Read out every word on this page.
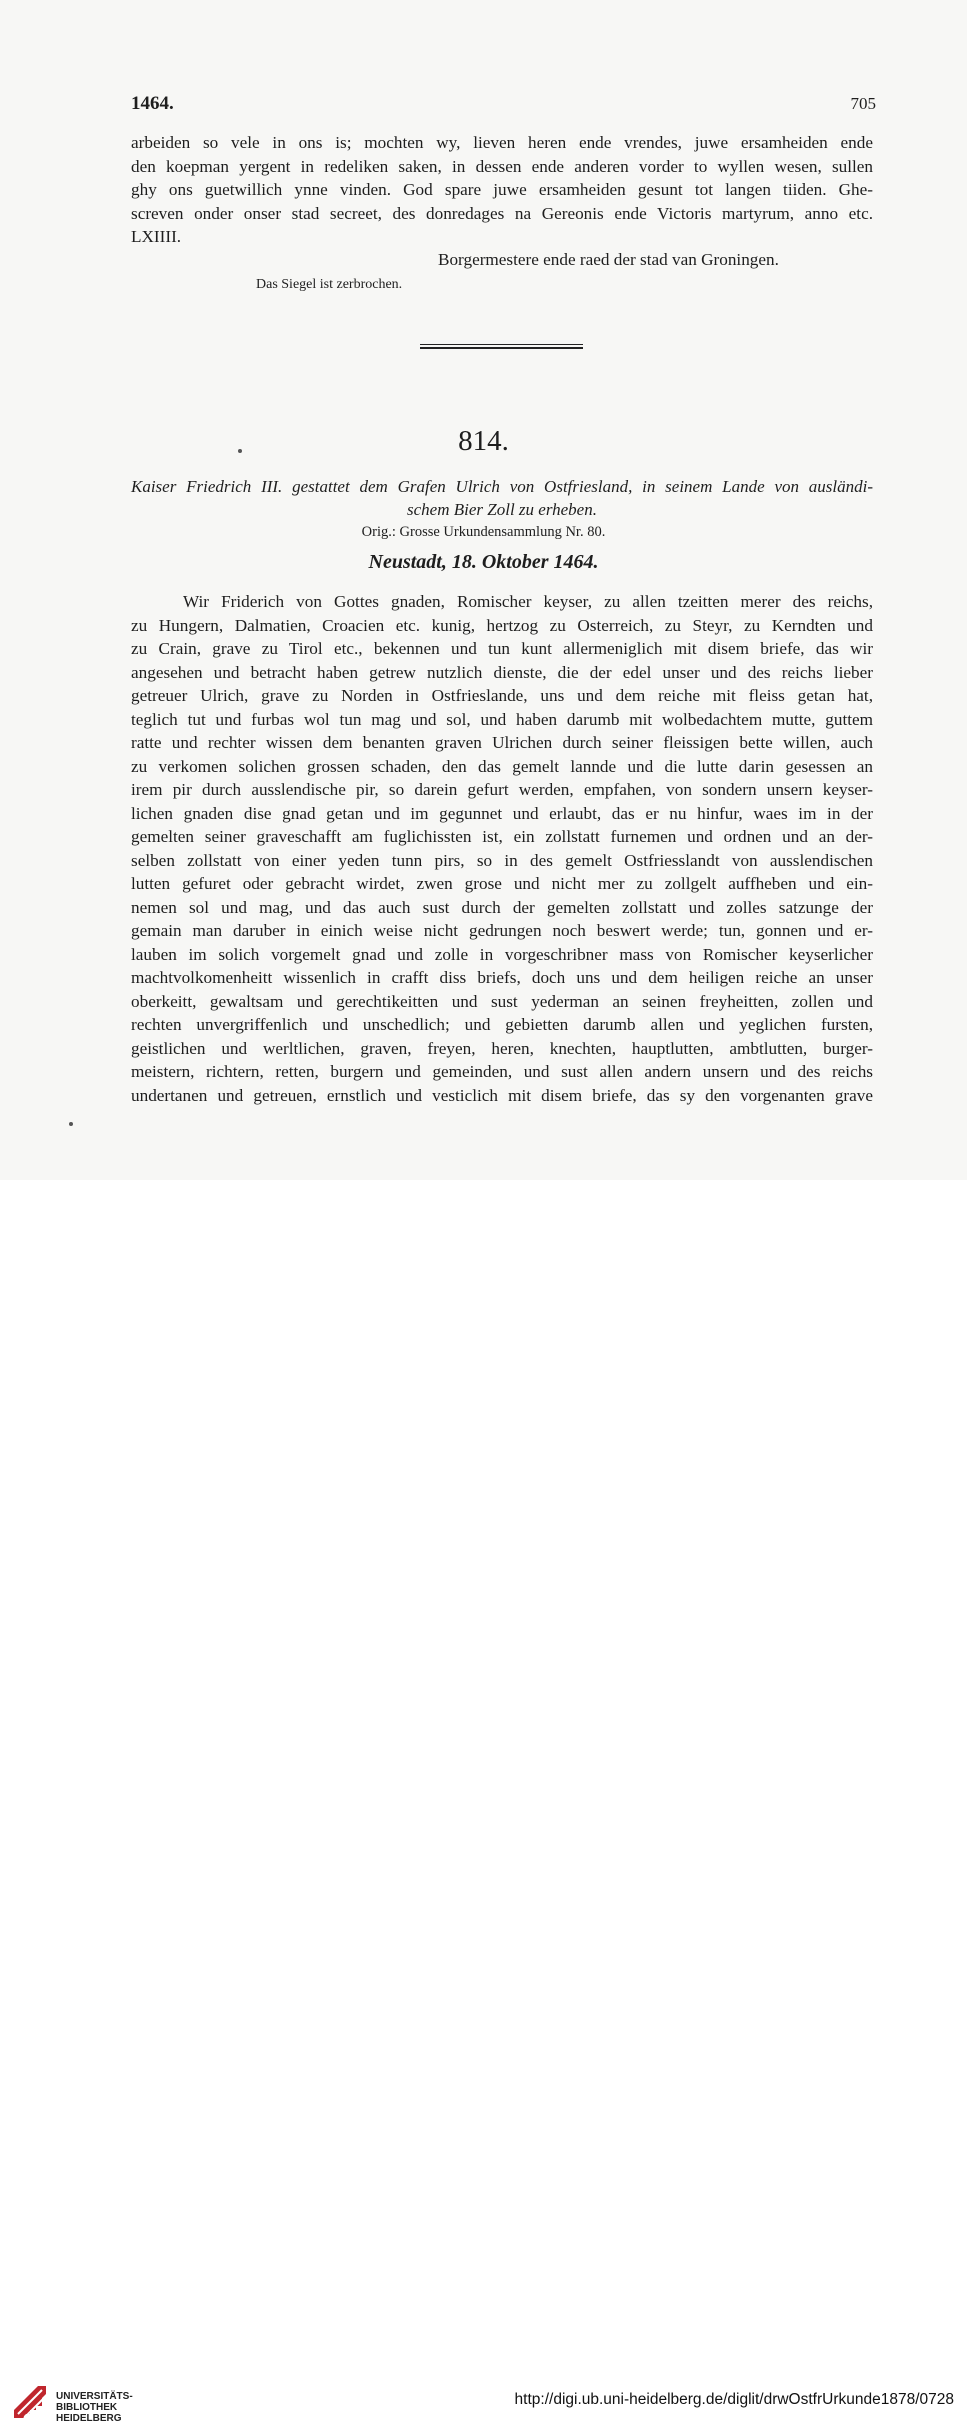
1464.	705

arbeiden so vele in ons is; mochten wy, lieven heren ende vrendes, juwe ersamheiden ende

den koepman yergent in redeliken saken, in dessen ende anderen vorder to wyllen wesen, sullen

ghy ons guetwillich ynne vinden. God spare juwe ersamheiden gesunt tot langen tiiden. Ghe-

screven onder onser stad secreet, des donredages na Gereonis ende Victoris martyrum, anno etc.

LXIIII.

Borgermestere ende raed der stad van Groningen.
Das Siegel ist zerbrochen.
814.
Kaiser Friedrich III. gestattet dem Grafen Ulrich von Ostfriesland, in seinem Lande von ausländi-
schem Bier Zoll zu erheben.
Orig.: Grosse Urkundensammlung Nr. 80.
Neustadt, 18. Oktober 1464.

Wir Friderich von Gottes gnaden, Romischer keyser, zu allen tzeitten merer des reichs,

zu Hungern, Dalmatien, Croacien etc. kunig, hertzog zu Osterreich, zu Steyr, zu Kerndten und

zu Crain, grave zu Tirol etc., bekennen und tun kunt allermeniglich mit disem briefe, das wir

angesehen und betracht haben getrew nutzlich dienste, die der edel unser und des reichs lieber

getreuer Ulrich, grave zu Norden in Ostfrieslande, uns und dem reiche mit fleiss getan hat,

teglich tut und furbas wol tun mag und sol, und haben darumb mit wolbedachtem mutte, guttem

ratte und rechter wissen dem benanten graven Ulrichen durch seiner fleissigen bette willen, auch

zu verkomen solichen grossen schaden, den das gemelt lannde und die lutte darin gesessen an

irem pir durch ausslendische pir, so darein gefurt werden, empfahen, von sondern unsern keyser-

lichen gnaden dise gnad getan und im gegunnet und erlaubt, das er nu hinfur, waes im in der

gemelten seiner graveschafft am fuglichissten ist, ein zollstatt furnemen und ordnen und an der-

selben zollstatt von einer yeden tunn pirs, so in des gemelt Ostfriesslandt von ausslendischen

lutten gefuret oder gebracht wirdet, zwen grose und nicht mer zu zollgelt auffheben und ein-

nemen sol und mag, und das auch sust durch der gemelten zollstatt und zolles satzunge der

gemain man daruber in einich weise nicht gedrungen noch beswert werde; tun, gonnen und er-

lauben im solich vorgemelt gnad und zolle in vorgeschribner mass von Romischer keyserlicher

machtvolkomenheitt wissenlich in crafft diss briefs, doch uns und dem heiligen reiche an unser

oberkeitt, gewaltsam und gerechtikeitten und sust yederman an seinen freyheitten, zollen und

rechten unvergriffenlich und unschedlich; und gebietten darumb allen und yeglichen fursten,

geistlichen und werltlichen, graven, freyen, heren, knechten, hauptlutten, ambtlutten, burger-

meistern, richtern, retten, burgern und gemeinden, und sust allen andern unsern und des reichs

undertanen und getreuen, ernstlich und vesticlich mit disem briefe, das sy den vorgenanten grave

UNIVERSITÄTS-
BIBLIOTHEK
HEIDELBERG
http://digi.ub.uni-heidelberg.de/diglit/drwOstfrUrkunde1878/0728
